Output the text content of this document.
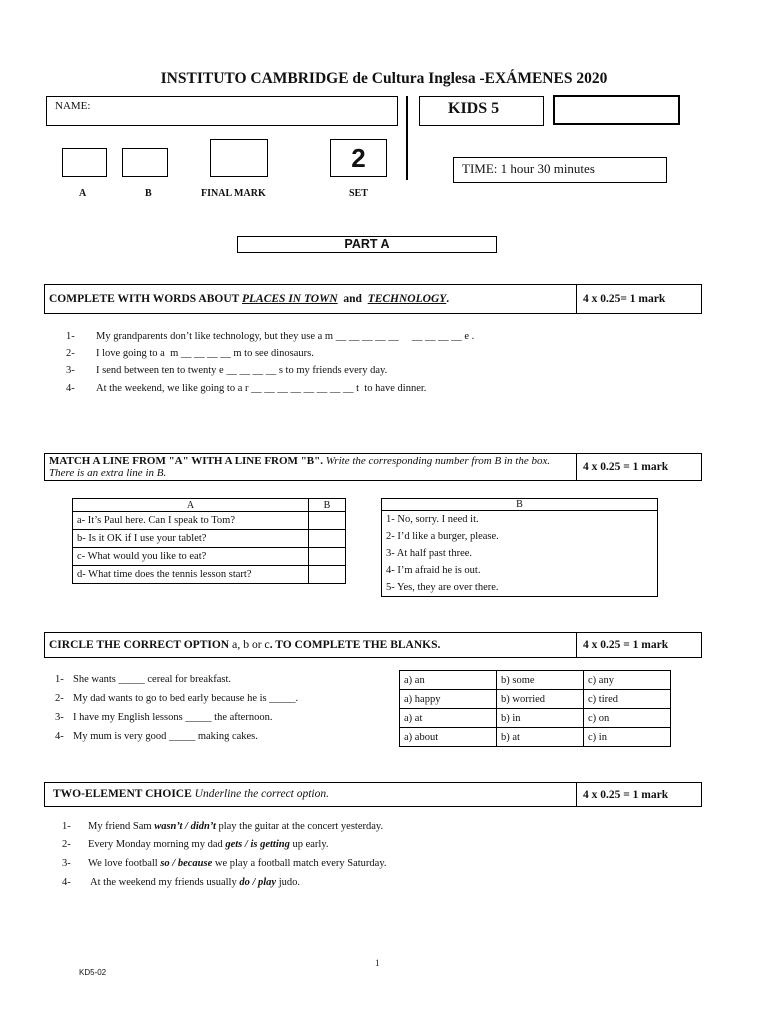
INSTITUTO CAMBRIDGE de Cultura Inglesa -EXÁMENES 2020
NAME:	KIDS 5
2
A	B	FINAL MARK	SET
TIME: 1 hour 30 minutes
PART A
COMPLETE WITH WORDS ABOUT PLACES IN TOWN  and  TECHNOLOGY.	4 x 0.25= 1 mark
1- My grandparents don’t like technology, but they use a m __ __ __ __ __     __ __ __ __ e .
2- I love going to a  m __ __ __ __ m to see dinosaurs.
3- I send between ten to twenty e __ __ __ __ s to my friends every day.
4- At the weekend, we like going to a r __ __ __ __ __ __ __ __ t  to have dinner.
MATCH A LINE FROM "A" WITH A LINE FROM "B". Write the corresponding number from B in the box. There is an extra line in B.	4 x 0.25 = 1 mark
A	B
a- It’s Paul here. Can I speak to Tom?	
b- Is it OK if I use your tablet?	
c- What would you like to eat?	
d- What time does the tennis lesson start?	
B
1- No, sorry. I need it.
2- I’d like a burger, please.
3- At half past three.
4- I’m afraid he is out.
5- Yes, they are over there.
CIRCLE THE CORRECT OPTION a, b or c. TO COMPLETE THE BLANKS.	4 x 0.25 = 1 mark
1- She wants _____ cereal for breakfast.
2- My dad wants to go to bed early because he is _____.
3- I have my English lessons _____ the afternoon.
4- My mum is very good _____ making cakes.
a) an	b) some	c) any
a) happy	b) worried	c) tired
a) at	b) in	c) on
a) about	b) at	c) in
TWO-ELEMENT CHOICE Underline the correct option.	4 x 0.25 = 1 mark
1- My friend Sam wasn’t / didn’t play the guitar at the concert yesterday.
2- Every Monday morning my dad gets / is getting up early.
3- We love football so / because we play a football match every Saturday.
4- At the weekend my friends usually do / play judo.
1
KD5-02
